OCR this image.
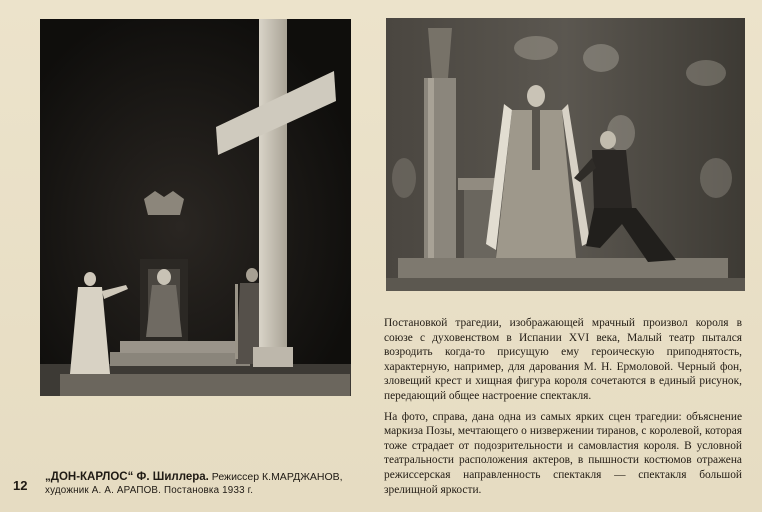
Постановкой трагедии, изображающей мрачный произвол короля в союзе с духовенством в Испании XVI века, Малый театр пытался возродить когда-то присущую ему героическую приподнятость, характерную, например, для дарования М. Н. Ермоловой. Черный фон, зловещий крест и хищная фигура короля сочетаются в единый рисунок, передающий общее настроение спектакля.

На фото, справа, дана одна из самых ярких сцен трагедии: объяснение маркиза Позы, мечтающего о низвержении тиранов, с королевой, которая тоже страдает от подозрительности и самовластия короля. В условной театральности расположения актеров, в пышности костюмов отражена режиссерская направленность спектакля — спектакля большой зрелищной яркости.

12
„ДОН-КАРЛОС“ Ф. Шиллера. Режиссер К.МАРДЖАНОВ,
художник А. А. АРАПОВ. Постановка 1933 г.
